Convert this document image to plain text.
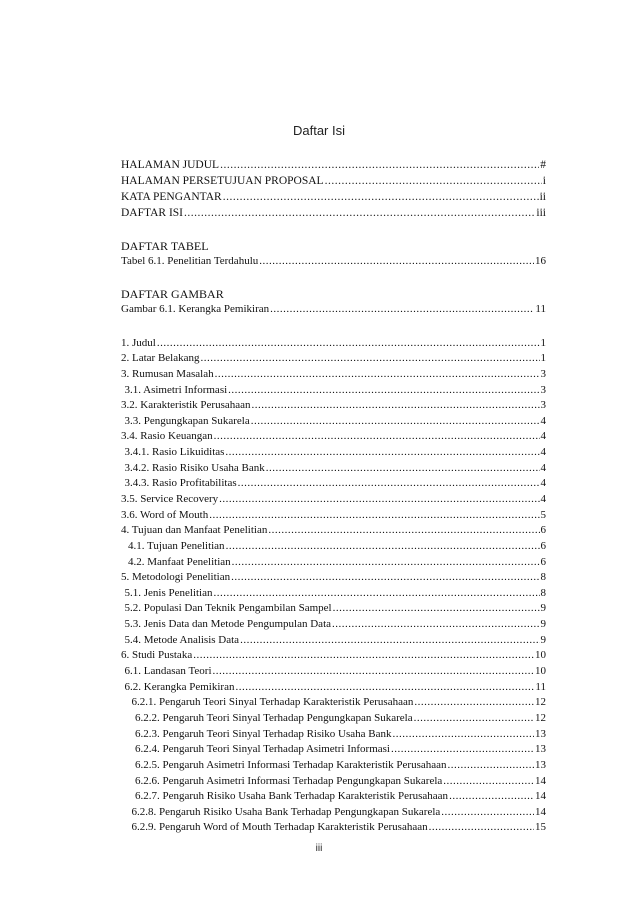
Daftar Isi
HALAMAN JUDUL .....	#
HALAMAN PERSETUJUAN PROPOSAL .....	i
KATA PENGANTAR .....	ii
DAFTAR ISI .....	iii
DAFTAR TABEL
Tabel 6.1. Penelitian Terdahulu .....	16
DAFTAR GAMBAR
Gambar 6.1. Kerangka Pemikiran .....	11
1. Judul .....	1
2. Latar Belakang .....	1
3. Rumusan Masalah .....	3
3.1. Asimetri Informasi .....	3
3.2. Karakteristik Perusahaan .....	3
3.3. Pengungkapan Sukarela .....	4
3.4. Rasio Keuangan .....	4
3.4.1. Rasio Likuiditas .....	4
3.4.2. Rasio Risiko Usaha Bank .....	4
3.4.3. Rasio Profitabilitas .....	4
3.5. Service Recovery .....	4
3.6. Word of Mouth .....	5
4. Tujuan dan Manfaat Penelitian .....	6
4.1. Tujuan Penelitian .....	6
4.2. Manfaat Penelitian .....	6
5. Metodologi Penelitian .....	8
5.1. Jenis Penelitian .....	8
5.2. Populasi Dan Teknik Pengambilan Sampel .....	9
5.3. Jenis Data dan Metode Pengumpulan Data .....	9
5.4. Metode Analisis Data .....	9
6. Studi Pustaka .....	10
6.1. Landasan Teori .....	10
6.2. Kerangka Pemikiran .....	11
6.2.1. Pengaruh Teori Sinyal Terhadap Karakteristik Perusahaan .....	12
6.2.2. Pengaruh Teori Sinyal Terhadap Pengungkapan Sukarela .....	12
6.2.3. Pengaruh Teori Sinyal Terhadap Risiko Usaha Bank .....	13
6.2.4. Pengaruh Teori Sinyal Terhadap Asimetri Informasi .....	13
6.2.5. Pengaruh Asimetri Informasi Terhadap Karakteristik Perusahaan .....	13
6.2.6. Pengaruh Asimetri Informasi Terhadap Pengungkapan Sukarela .....	14
6.2.7. Pengaruh Risiko Usaha Bank Terhadap Karakteristik Perusahaan .....	14
6.2.8. Pengaruh Risiko Usaha Bank Terhadap Pengungkapan Sukarela .....	14
6.2.9. Pengaruh Word of Mouth Terhadap Karakteristik Perusahaan .....	15
iii
